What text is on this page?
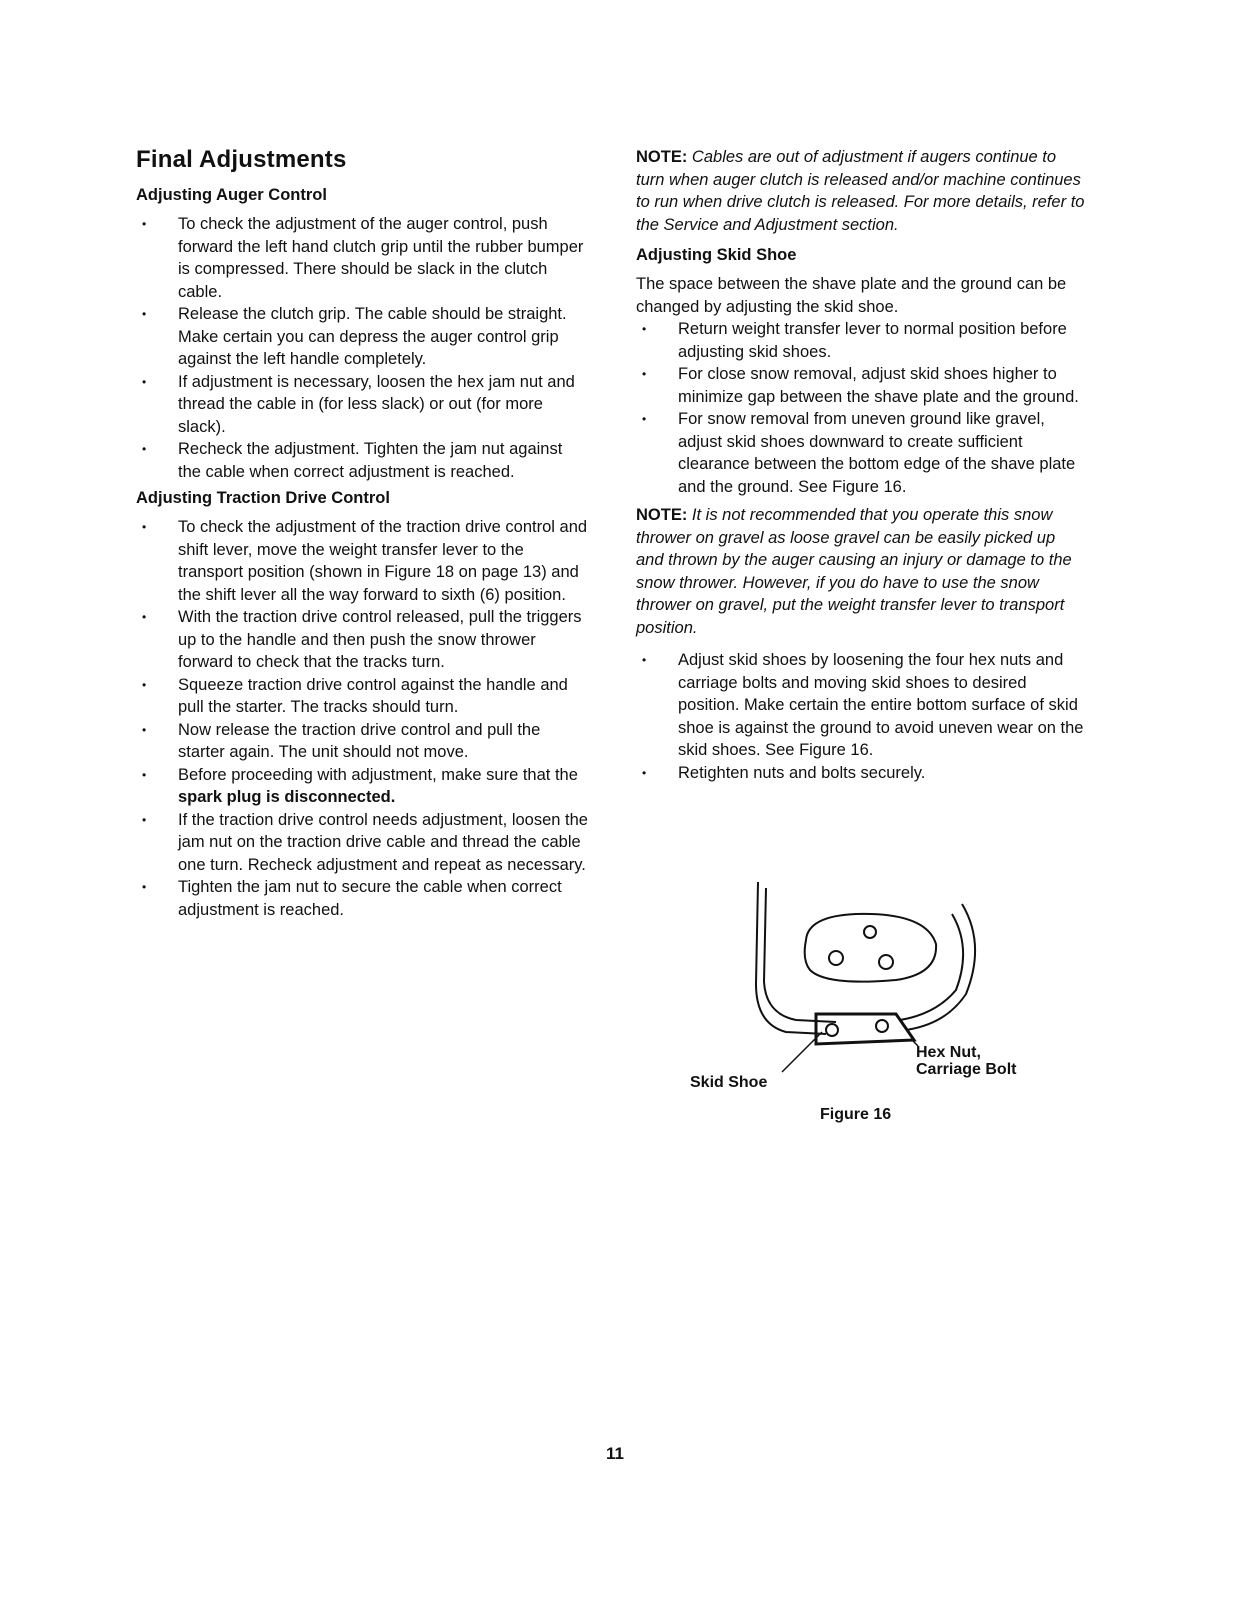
Final Adjustments
Adjusting Auger Control
• To check the adjustment of the auger control, push forward the left hand clutch grip until the rubber bumper is compressed. There should be slack in the clutch cable.
• Release the clutch grip. The cable should be straight. Make certain you can depress the auger control grip against the left handle completely.
• If adjustment is necessary, loosen the hex jam nut and thread the cable in (for less slack) or out (for more slack).
• Recheck the adjustment. Tighten the jam nut against the cable when correct adjustment is reached.
Adjusting Traction Drive Control
• To check the adjustment of the traction drive control and shift lever, move the weight transfer lever to the transport position (shown in Figure 18 on page 13) and the shift lever all the way forward to sixth (6) position.
• With the traction drive control released, pull the triggers up to the handle and then push the snow thrower forward to check that the tracks turn.
• Squeeze traction drive control against the handle and pull the starter. The tracks should turn.
• Now release the traction drive control and pull the starter again. The unit should not move.
• Before proceeding with adjustment, make sure that the spark plug is disconnected.
• If the traction drive control needs adjustment, loosen the jam nut on the traction drive cable and thread the cable one turn. Recheck adjustment and repeat as necessary.
• Tighten the jam nut to secure the cable when correct adjustment is reached.

NOTE: Cables are out of adjustment if augers continue to turn when auger clutch is released and/or machine continues to run when drive clutch is released. For more details, refer to the Service and Adjustment section.

Adjusting Skid Shoe

The space between the shave plate and the ground can be changed by adjusting the skid shoe.

• Return weight transfer lever to normal position before adjusting skid shoes.
• For close snow removal, adjust skid shoes higher to minimize gap between the shave plate and the ground.
• For snow removal from uneven ground like gravel, adjust skid shoes downward to create sufficient clearance between the bottom edge of the shave plate and the ground. See Figure 16.

NOTE: It is not recommended that you operate this snow thrower on gravel as loose gravel can be easily picked up and thrown by the auger causing an injury or damage to the snow thrower. However, if you do have to use the snow thrower on gravel, put the weight transfer lever to transport position.

• Adjust skid shoes by loosening the four hex nuts and carriage bolts and moving skid shoes to desired position. Make certain the entire bottom surface of skid shoe is against the ground to avoid uneven wear on the skid shoes. See Figure 16.
• Retighten nuts and bolts securely.
Skid Shoe
Hex Nut,
Carriage Bolt
Figure 16
11
